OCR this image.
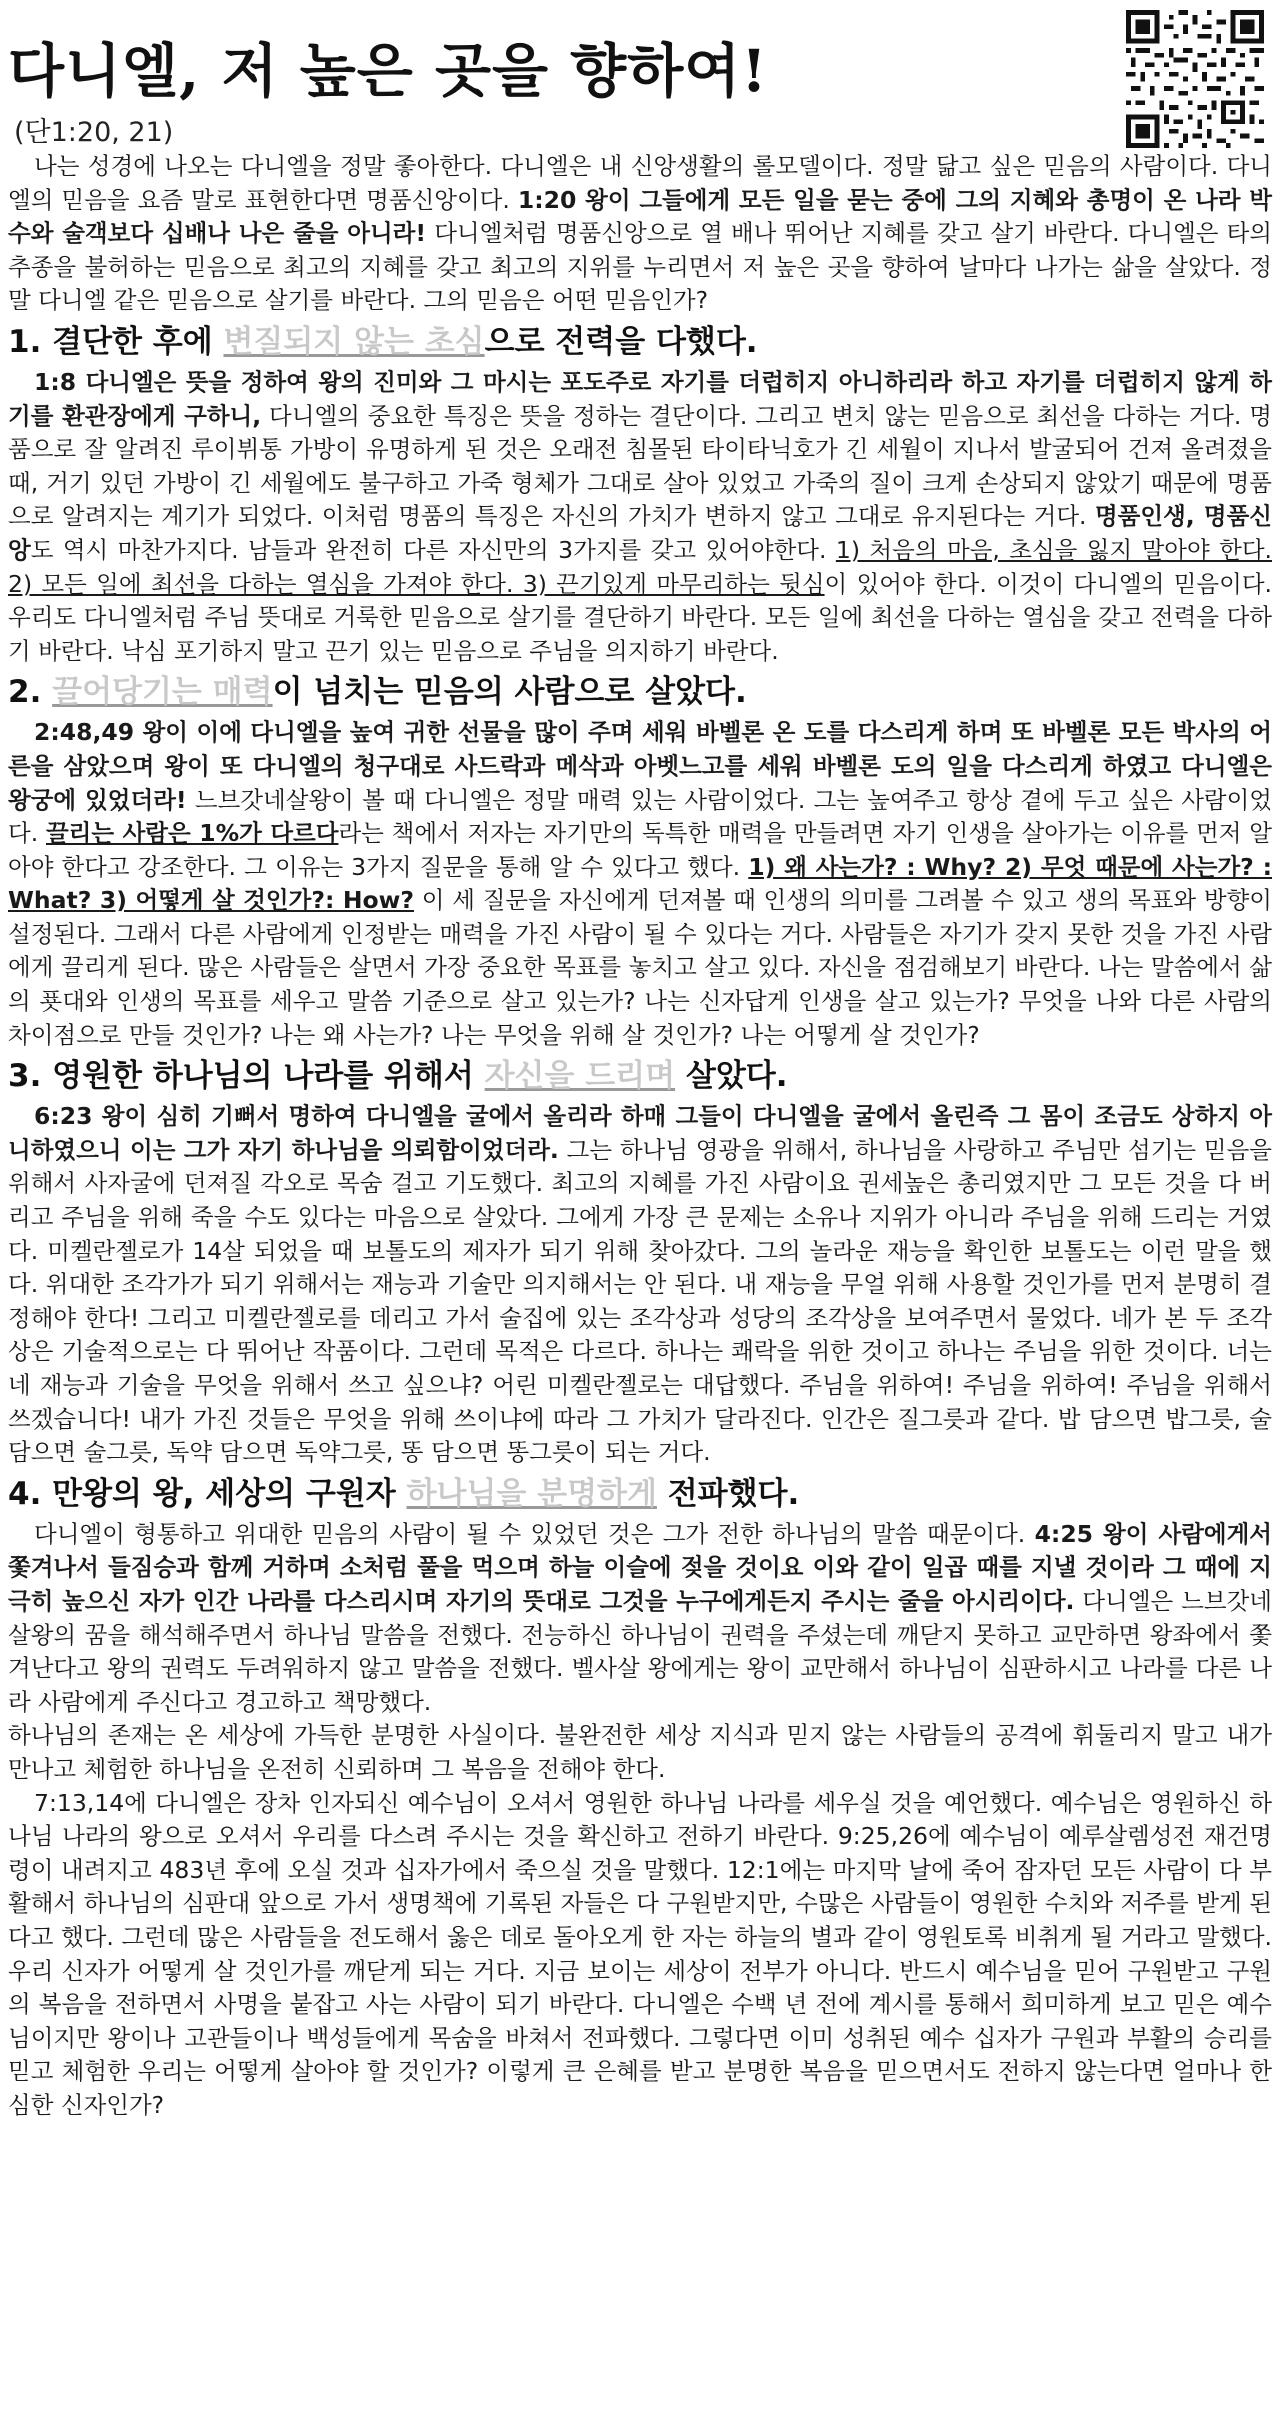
다니엘, 저 높은 곳을 향하여!
(단1:20, 21)

나는 성경에 나오는 다니엘을 정말 좋아한다. 다니엘은 내 신앙생활의 롤모델이다. 정말 닮고 싶은 믿음의 사람이다. 다니엘의 믿음을 요즘 말로 표현한다면 명품신앙이다. 1:20 왕이 그들에게 모든 일을 묻는 중에 그의 지혜와 총명이 온 나라 박수와 술객보다 십배나 나은 줄을 아니라! 다니엘처럼 명품신앙으로 열 배나 뛰어난 지혜를 갖고 살기 바란다. 다니엘은 타의 추종을 불허하는 믿음으로 최고의 지혜를 갖고 최고의 지위를 누리면서 저 높은 곳을 향하여 날마다 나가는 삶을 살았다. 정말 다니엘 같은 믿음으로 살기를 바란다. 그의 믿음은 어떤 믿음인가?

1. 결단한 후에 변질되지 않는 초심으로 전력을 다했다.

1:8 다니엘은 뜻을 정하여 왕의 진미와 그 마시는 포도주로 자기를 더럽히지 아니하리라 하고 자기를 더럽히지 않게 하기를 환관장에게 구하니, 다니엘의 중요한 특징은 뜻을 정하는 결단이다. 그리고 변치 않는 믿음으로 최선을 다하는 거다. 명품으로 잘 알려진 루이뷔통 가방이 유명하게 된 것은 오래전 침몰된 타이타닉호가 긴 세월이 지나서 발굴되어 건져 올려졌을 때, 거기 있던 가방이 긴 세월에도 불구하고 가죽 형체가 그대로 살아 있었고 가죽의 질이 크게 손상되지 않았기 때문에 명품으로 알려지는 계기가 되었다. 이처럼 명품의 특징은 자신의 가치가 변하지 않고 그대로 유지된다는 거다. 명품인생, 명품신앙도 역시 마찬가지다. 남들과 완전히 다른 자신만의 3가지를 갖고 있어야한다. 1) 처음의 마음, 초심을 잃지 말아야 한다. 2) 모든 일에 최선을 다하는 열심을 가져야 한다. 3) 끈기있게 마무리하는 뒷심이 있어야 한다. 이것이 다니엘의 믿음이다. 우리도 다니엘처럼 주님 뜻대로 거룩한 믿음으로 살기를 결단하기 바란다. 모든 일에 최선을 다하는 열심을 갖고 전력을 다하기 바란다. 낙심 포기하지 말고 끈기 있는 믿음으로 주님을 의지하기 바란다.

2. 끌어당기는 매력이 넘치는 믿음의 사람으로 살았다.

2:48,49 왕이 이에 다니엘을 높여 귀한 선물을 많이 주며 세워 바벨론 온 도를 다스리게 하며 또 바벨론 모든 박사의 어른을 삼았으며 왕이 또 다니엘의 청구대로 사드락과 메삭과 아벳느고를 세워 바벨론 도의 일을 다스리게 하였고 다니엘은 왕궁에 있었더라! 느브갓네살왕이 볼 때 다니엘은 정말 매력 있는 사람이었다. 그는 높여주고 항상 곁에 두고 싶은 사람이었다. 끌리는 사람은 1%가 다르다라는 책에서 저자는 자기만의 독특한 매력을 만들려면 자기 인생을 살아가는 이유를 먼저 알아야 한다고 강조한다. 그 이유는 3가지 질문을 통해 알 수 있다고 했다. 1) 왜 사는가? : Why? 2) 무엇 때문에 사는가? : What? 3) 어떻게 살 것인가?: How? 이 세 질문을 자신에게 던져볼 때 인생의 의미를 그려볼 수 있고 생의 목표와 방향이 설정된다. 그래서 다른 사람에게 인정받는 매력을 가진 사람이 될 수 있다는 거다. 사람들은 자기가 갖지 못한 것을 가진 사람에게 끌리게 된다. 많은 사람들은 살면서 가장 중요한 목표를 놓치고 살고 있다. 자신을 점검해보기 바란다. 나는 말씀에서 삶의 푯대와 인생의 목표를 세우고 말씀 기준으로 살고 있는가? 나는 신자답게 인생을 살고 있는가? 무엇을 나와 다른 사람의 차이점으로 만들 것인가? 나는 왜 사는가? 나는 무엇을 위해 살 것인가? 나는 어떻게 살 것인가?

3. 영원한 하나님의 나라를 위해서 자신을 드리며 살았다.

6:23 왕이 심히 기뻐서 명하여 다니엘을 굴에서 올리라 하매 그들이 다니엘을 굴에서 올린즉 그 몸이 조금도 상하지 아니하였으니 이는 그가 자기 하나님을 의뢰함이었더라. 그는 하나님 영광을 위해서, 하나님을 사랑하고 주님만 섬기는 믿음을 위해서 사자굴에 던져질 각오로 목숨 걸고 기도했다. 최고의 지혜를 가진 사람이요 권세높은 총리였지만 그 모든 것을 다 버리고 주님을 위해 죽을 수도 있다는 마음으로 살았다. 그에게 가장 큰 문제는 소유나 지위가 아니라 주님을 위해 드리는 거였다. 미켈란젤로가 14살 되었을 때 보톨도의 제자가 되기 위해 찾아갔다. 그의 놀라운 재능을 확인한 보톨도는 이런 말을 했다. 위대한 조각가가 되기 위해서는 재능과 기술만 의지해서는 안 된다. 내 재능을 무얼 위해 사용할 것인가를 먼저 분명히 결정해야 한다! 그리고 미켈란젤로를 데리고 가서 술집에 있는 조각상과 성당의 조각상을 보여주면서 물었다. 네가 본 두 조각상은 기술적으로는 다 뛰어난 작품이다. 그런데 목적은 다르다. 하나는 쾌락을 위한 것이고 하나는 주님을 위한 것이다. 너는 네 재능과 기술을 무엇을 위해서 쓰고 싶으냐? 어린 미켈란젤로는 대답했다. 주님을 위하여! 주님을 위하여! 주님을 위해서 쓰겠습니다! 내가 가진 것들은 무엇을 위해 쓰이냐에 따라 그 가치가 달라진다. 인간은 질그릇과 같다. 밥 담으면 밥그릇, 술 담으면 술그릇, 독약 담으면 독약그릇, 똥 담으면 똥그릇이 되는 거다.

4. 만왕의 왕, 세상의 구원자 하나님을 분명하게 전파했다.

다니엘이 형통하고 위대한 믿음의 사람이 될 수 있었던 것은 그가 전한 하나님의 말씀 때문이다. 4:25 왕이 사람에게서 쫓겨나서 들짐승과 함께 거하며 소처럼 풀을 먹으며 하늘 이슬에 젖을 것이요 이와 같이 일곱 때를 지낼 것이라 그 때에 지극히 높으신 자가 인간 나라를 다스리시며 자기의 뜻대로 그것을 누구에게든지 주시는 줄을 아시리이다. 다니엘은 느브갓네살왕의 꿈을 해석해주면서 하나님 말씀을 전했다. 전능하신 하나님이 권력을 주셨는데 깨닫지 못하고 교만하면 왕좌에서 쫓겨난다고 왕의 권력도 두려워하지 않고 말씀을 전했다. 벨사살 왕에게는 왕이 교만해서 하나님이 심판하시고 나라를 다른 나라 사람에게 주신다고 경고하고 책망했다.

하나님의 존재는 온 세상에 가득한 분명한 사실이다. 불완전한 세상 지식과 믿지 않는 사람들의 공격에 휘둘리지 말고 내가 만나고 체험한 하나님을 온전히 신뢰하며 그 복음을 전해야 한다.

7:13,14에 다니엘은 장차 인자되신 예수님이 오셔서 영원한 하나님 나라를 세우실 것을 예언했다. 예수님은 영원하신 하나님 나라의 왕으로 오셔서 우리를 다스려 주시는 것을 확신하고 전하기 바란다. 9:25,26에 예수님이 예루살렘성전 재건명령이 내려지고 483년 후에 오실 것과 십자가에서 죽으실 것을 말했다. 12:1에는 마지막 날에 죽어 잠자던 모든 사람이 다 부활해서 하나님의 심판대 앞으로 가서 생명책에 기록된 자들은 다 구원받지만, 수많은 사람들이 영원한 수치와 저주를 받게 된다고 했다. 그런데 많은 사람들을 전도해서 옳은 데로 돌아오게 한 자는 하늘의 별과 같이 영원토록 비취게 될 거라고 말했다. 우리 신자가 어떻게 살 것인가를 깨닫게 되는 거다. 지금 보이는 세상이 전부가 아니다. 반드시 예수님을 믿어 구원받고 구원의 복음을 전하면서 사명을 붙잡고 사는 사람이 되기 바란다. 다니엘은 수백 년 전에 계시를 통해서 희미하게 보고 믿은 예수님이지만 왕이나 고관들이나 백성들에게 목숨을 바쳐서 전파했다. 그렇다면 이미 성취된 예수 십자가 구원과 부활의 승리를 믿고 체험한 우리는 어떻게 살아야 할 것인가? 이렇게 큰 은혜를 받고 분명한 복음을 믿으면서도 전하지 않는다면 얼마나 한심한 신자인가?
